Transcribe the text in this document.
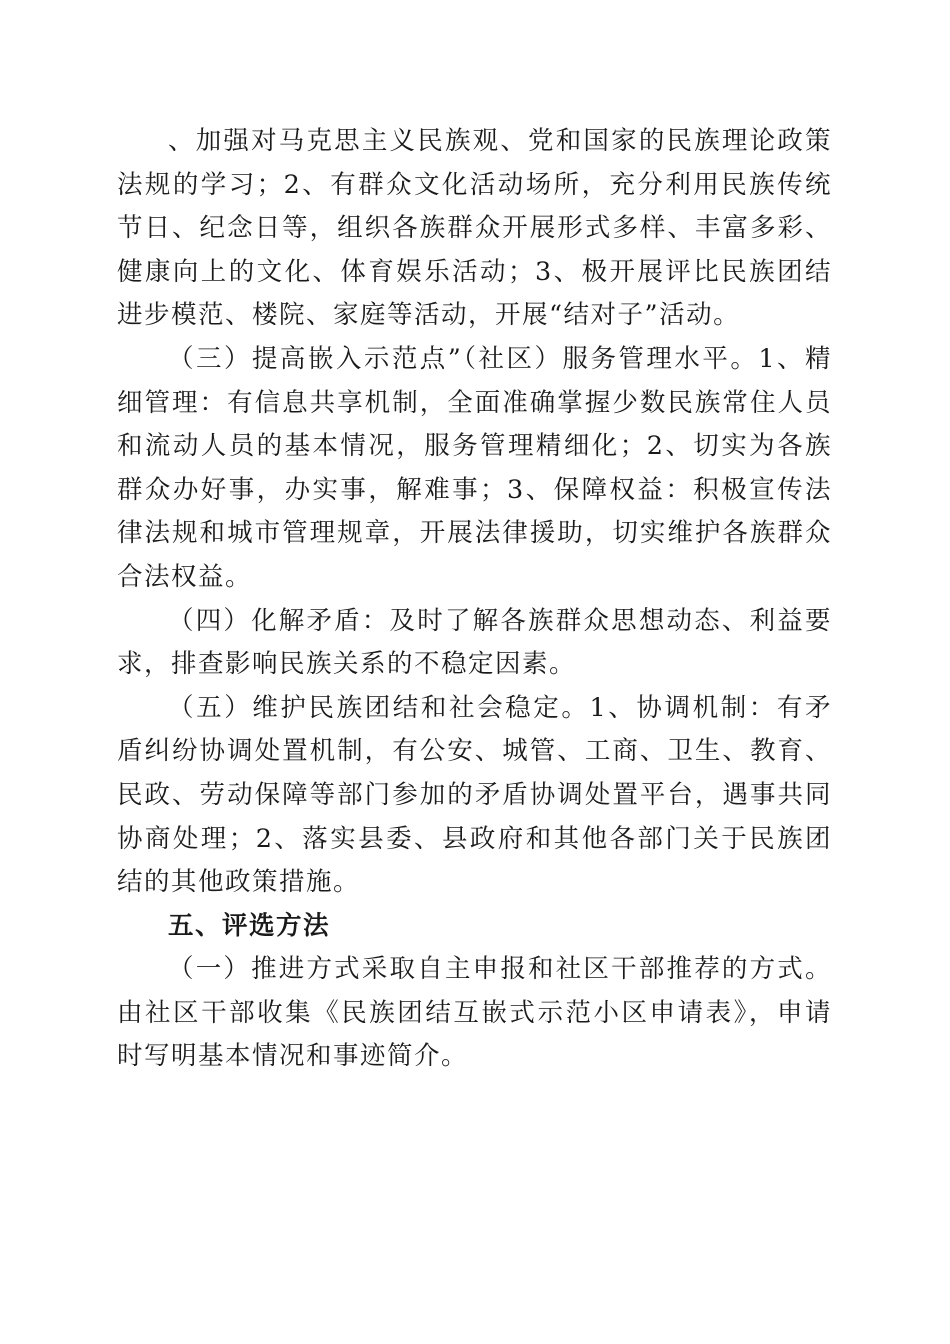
、加强对马克思主义民族观、党和国家的民族理论政策法规的学习；2、有群众文化活动场所，充分利用民族传统节日、纪念日等，组织各族群众开展形式多样、丰富多彩、健康向上的文化、体育娱乐活动；3、极开展评比民族团结进步模范、楼院、家庭等活动，开展“结对子”活动。

（三）提高嵌入示范点”（社区）服务管理水平。1、精细管理：有信息共享机制，全面准确掌握少数民族常住人员和流动人员的基本情况，服务管理精细化；2、切实为各族群众办好事，办实事，解难事；3、保障权益：积极宣传法律法规和城市管理规章，开展法律援助，切实维护各族群众合法权益。

（四）化解矛盾：及时了解各族群众思想动态、利益要求，排查影响民族关系的不稳定因素。

（五）维护民族团结和社会稳定。1、协调机制：有矛盾纠纷协调处置机制，有公安、城管、工商、卫生、教育、民政、劳动保障等部门参加的矛盾协调处置平台，遇事共同协商处理；2、落实县委、县政府和其他各部门关于民族团结的其他政策措施。

五、评选方法

（一）推进方式采取自主申报和社区干部推荐的方式。由社区干部收集《民族团结互嵌式示范小区申请表》，申请时写明基本情况和事迹简介。
